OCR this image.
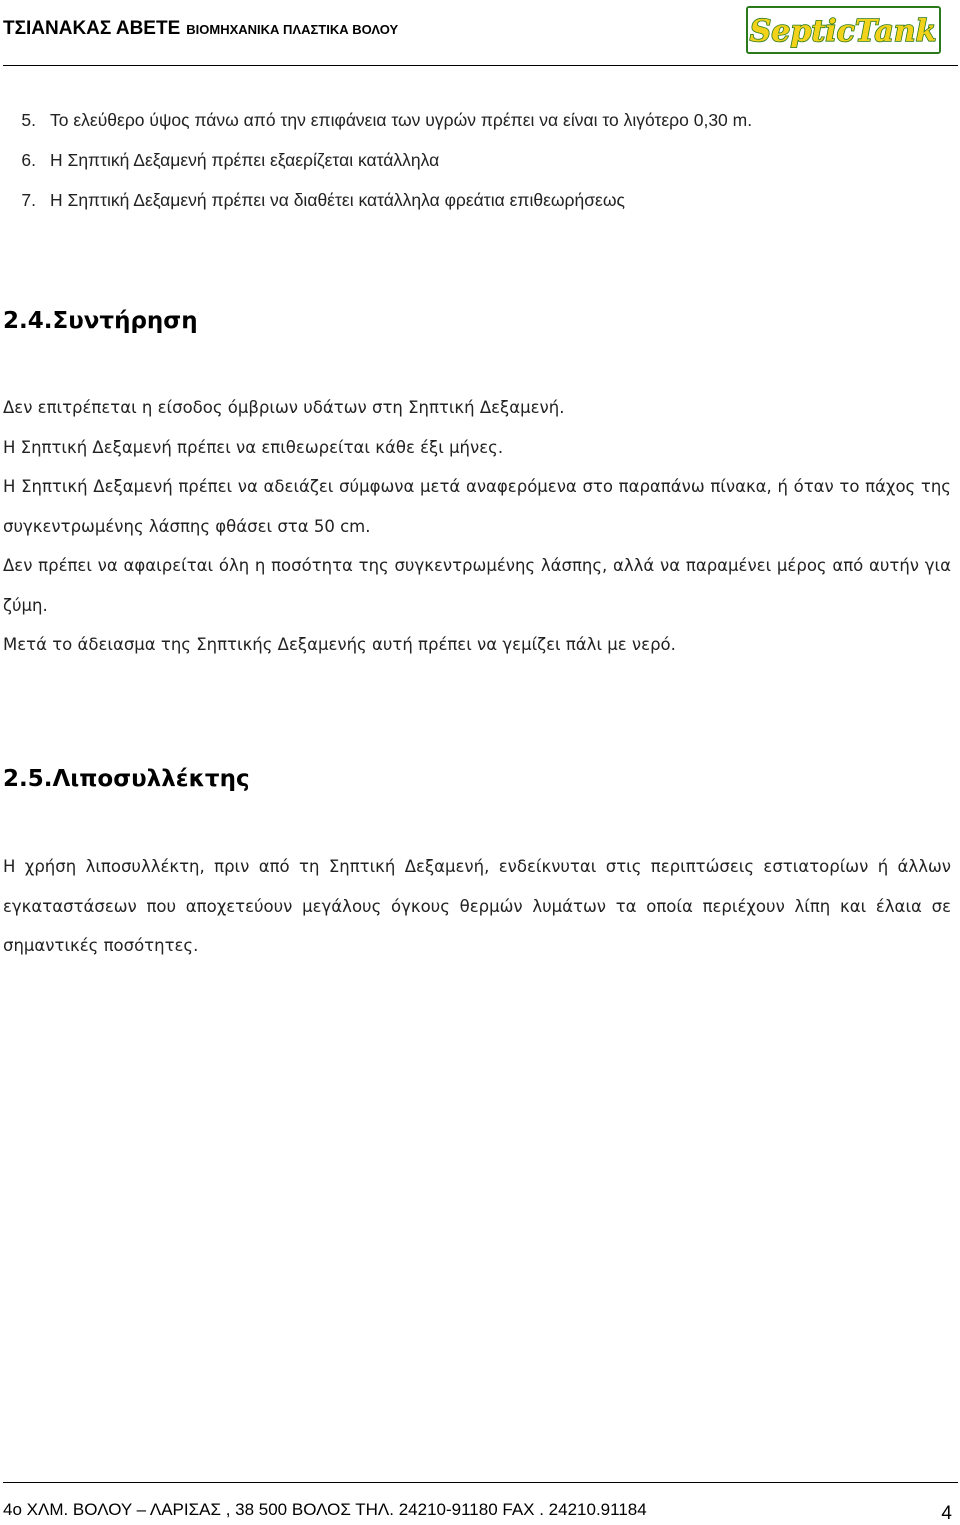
ΤΣΙΑΝΑΚΑΣ ΑΒΕΤΕ ΒΙΟΜΗΧΑΝΙΚΑ ΠΛΑΣΤΙΚΑ ΒΟΛΟΥ	SepticTank
5. Το ελεύθερο ύψος πάνω από την επιφάνεια των υγρών πρέπει να είναι το λιγότερο 0,30 m.
6. Η Σηπτική Δεξαμενή πρέπει εξαερίζεται κατάλληλα
7. Η Σηπτική Δεξαμενή πρέπει να διαθέτει κατάλληλα φρεάτια επιθεωρήσεως
2.4.Συντήρηση

Δεν επιτρέπεται η είσοδος όμβριων υδάτων στη Σηπτική Δεξαμενή.

Η Σηπτική Δεξαμενή πρέπει να επιθεωρείται κάθε έξι μήνες.

Η Σηπτική Δεξαμενή πρέπει να αδειάζει σύμφωνα μετά αναφερόμενα στο παραπάνω πίνακα, ή όταν το πάχος της συγκεντρωμένης λάσπης φθάσει στα 50 cm.

Δεν πρέπει να αφαιρείται όλη η ποσότητα της συγκεντρωμένης λάσπης, αλλά να παραμένει μέρος από αυτήν για ζύμη.

Μετά το άδειασμα της Σηπτικής Δεξαμενής αυτή πρέπει να γεμίζει πάλι με νερό.

2.5.Λιποσυλλέκτης

Η χρήση λιποσυλλέκτη, πριν από τη Σηπτική Δεξαμενή, ενδείκνυται στις περιπτώσεις εστιατορίων ή άλλων εγκαταστάσεων που αποχετεύουν μεγάλους όγκους θερμών λυμάτων τα οποία περιέχουν λίπη και έλαια σε σημαντικές ποσότητες.

4ο ΧΛΜ. ΒΟΛΟΥ – ΛΑΡΙΣΑΣ , 38 500 ΒΟΛΟΣ ΤΗΛ. 24210-91180 FAX . 24210.91184	4
